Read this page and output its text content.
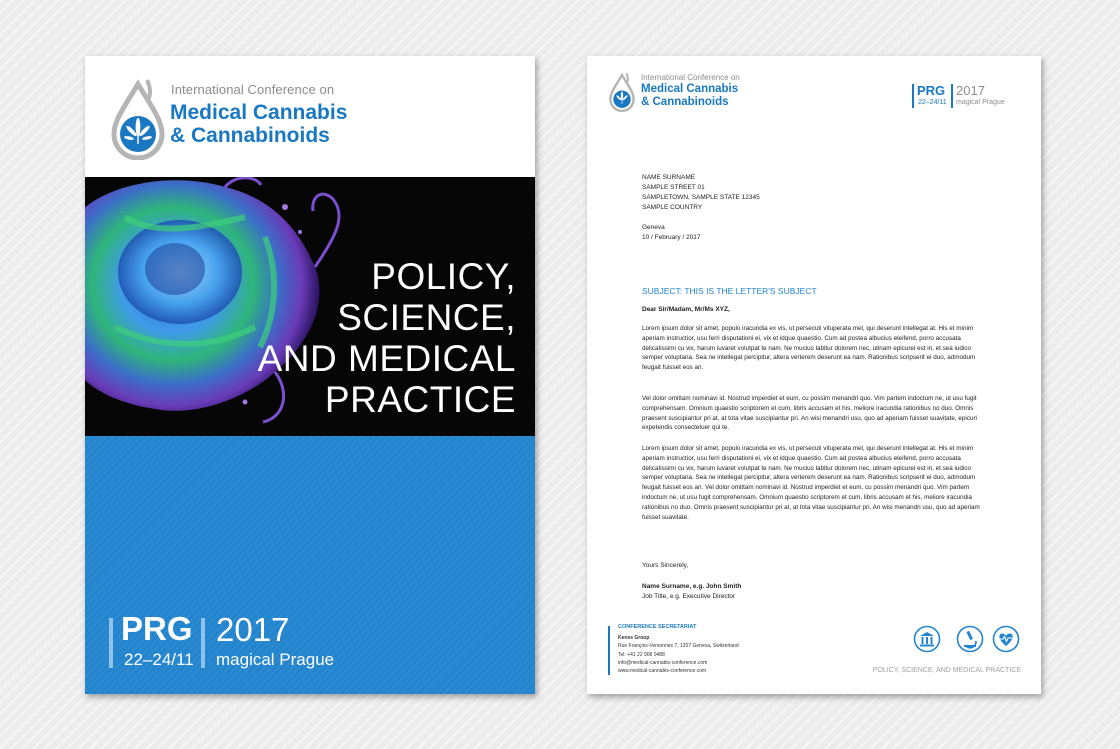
International Conference on
Medical Cannabis
& Cannabinoids
POLICY,
SCIENCE,
AND MEDICAL
PRACTICE
PRG
22–24/11
2017
magical Prague
International Conference on
Medical Cannabis
& Cannabinoids
PRG
22–24/11
2017
magical Prague
NAME SURNAME
SAMPLE STREET 01
SAMPLETOWN, SAMPLE STATE 12345
SAMPLE COUNTRY
Geneva
10 / February / 2017
SUBJECT: THIS IS THE LETTER'S SUBJECT
Dear Sir/Madam, Mr/Ms XYZ,
Lorem ipsum dolor sit amet, populo iracundia ex vis, ut persecuti vituperata mel, qui deserunt intellegat at. His et minim aperiam instructior, usu ferri disputationi ei, vix et idque quaestio. Cum ad postea albucius eleifend, porro accusata delicatissimi cu vix, harum iuvaret volutpat te nam. Ne mucius labitur dolorem nec, utinam epicurei est in, et sea iudico semper voluptaria. Sea ne intellegat percipitur, altera verterem deserunt ea nam. Rationibus scripserit ei duo, admodum feugait fuisset eos an.
Vel dolor omittam nominavi id. Nostrud imperdiet et eum, cu possim menandri quo. Vim partem indoctum ne, ut usu fugit comprehensam. Omnium quaestio scriptorem et cum, libris accusam et his, meliore iracundia rationibus no duo. Omnis praesent suscipiantur pri at, at tota vitae suscipiantur pri. An wisi menandri usu, quo ad aperiam fuisset suavitate, epicuri expetendis consectetuer qui te.
Lorem ipsum dolor sit amet, populo iracundia ex vis, ut persecuti vituperata mel, qui deserunt intellegat at. His et minim aperiam instructior, usu ferri disputationi ei, vix et idque quaestio. Cum ad postea albucius eleifend, porro accusata delicatissimi cu vix, harum iuvaret volutpat te nam. Ne mucius labitur dolorem nec, utinam epicurei est in, et sea iudico semper voluptaria. Sea ne intellegat percipitur, altera verterem deserunt ea nam. Rationibus scripserit ei duo, admodum feugait fuisset eos an. Vel dolor omittam nominavi id. Nostrud imperdiet et eum, cu possim menandri quo. Vim partem indoctum ne, ut usu fugit comprehensam. Omnium quaestio scriptorem et cum, libris accusam et his, meliore iracundia rationibus no duo. Omnis praesent suscipiantur pri at, at tota vitae suscipiantur pri. An wisi menandri usu, quo ad aperiam fuisset suavitate.
Yours Sincerely,
Name Surname, e.g. John Smith
Job Title, e.g. Executive Director
CONFERENCE SECRETARIAT
Kenes Group
Rue François-Versonnex 7, 1207 Geneva, Switzerland
Tel: +41 22 908 0488
info@medical-cannabis-conference.com
www.medical-cannabis-conference.com	POLICY, SCIENCE, AND MEDICAL PRACTICE
